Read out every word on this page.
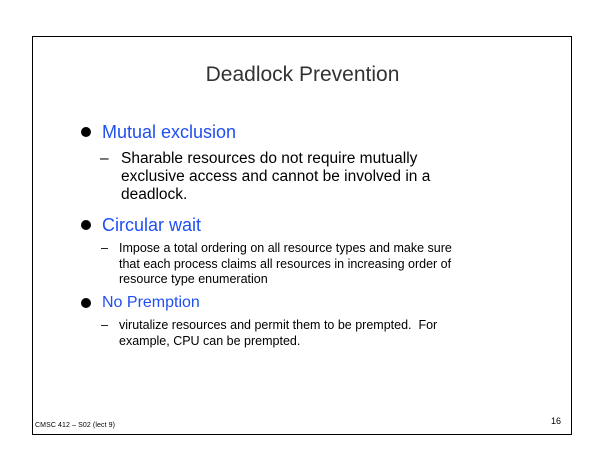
Deadlock Prevention
Mutual exclusion
– Sharable resources do not require mutually
exclusive access and cannot be involved in a
deadlock.
Circular wait
– Impose a total ordering on all resource types and make sure
that each process claims all resources in increasing order of
resource type enumeration
No Premption
– virutalize resources and permit them to be prempted.  For
example, CPU can be prempted.
CMSC 412 – S02 (lect 9)	16
